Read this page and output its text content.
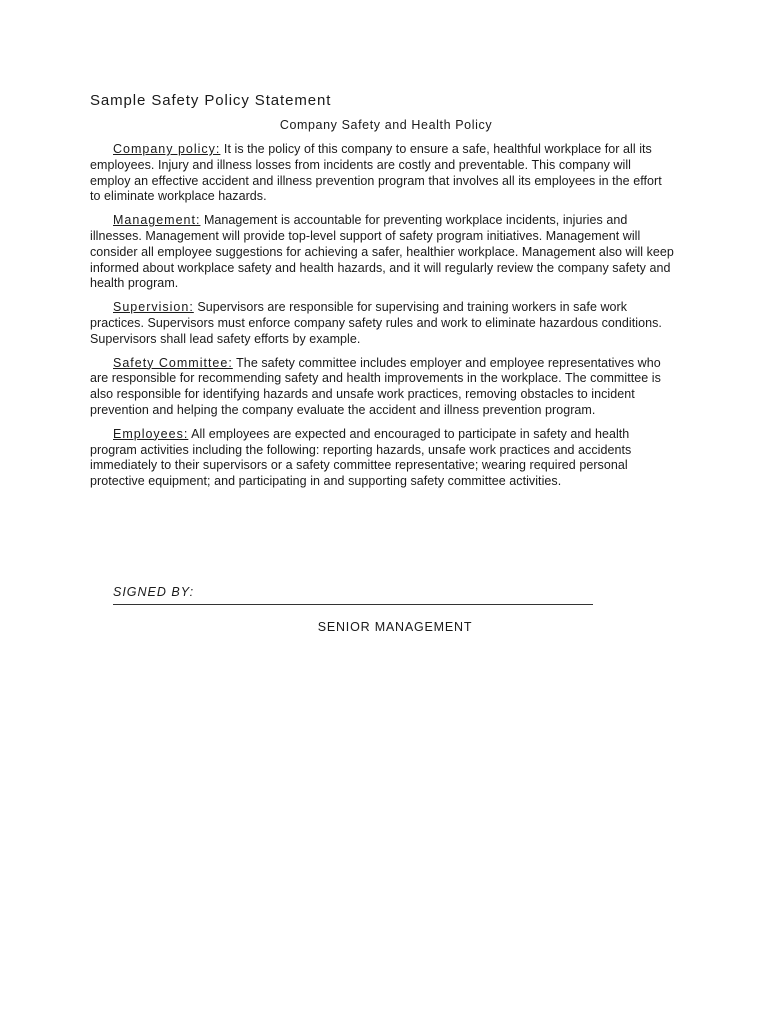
Sample Safety Policy Statement
Company Safety and Health Policy

Company policy: It is the policy of this company to ensure a safe, healthful workplace for all its employees. Injury and illness losses from incidents are costly and preventable. This company will employ an effective accident and illness prevention program that involves all its employees in the effort to eliminate workplace hazards.

Management: Management is accountable for preventing workplace incidents, injuries and illnesses. Management will provide top-level support of safety program initiatives. Management will consider all employee suggestions for achieving a safer, healthier workplace. Management also will keep informed about workplace safety and health hazards, and it will regularly review the company safety and health program.

Supervision: Supervisors are responsible for supervising and training workers in safe work practices. Supervisors must enforce company safety rules and work to eliminate hazardous conditions. Supervisors shall lead safety efforts by example.

Safety Committee: The safety committee includes employer and employee representatives who are responsible for recommending safety and health improvements in the workplace. The committee is also responsible for identifying hazards and unsafe work practices, removing obstacles to incident prevention and helping the company evaluate the accident and illness prevention program.

Employees: All employees are expected and encouraged to participate in safety and health program activities including the following: reporting hazards, unsafe work practices and accidents immediately to their supervisors or a safety committee representative; wearing required personal protective equipment; and participating in and supporting safety committee activities.

SIGNED BY:
SENIOR MANAGEMENT
